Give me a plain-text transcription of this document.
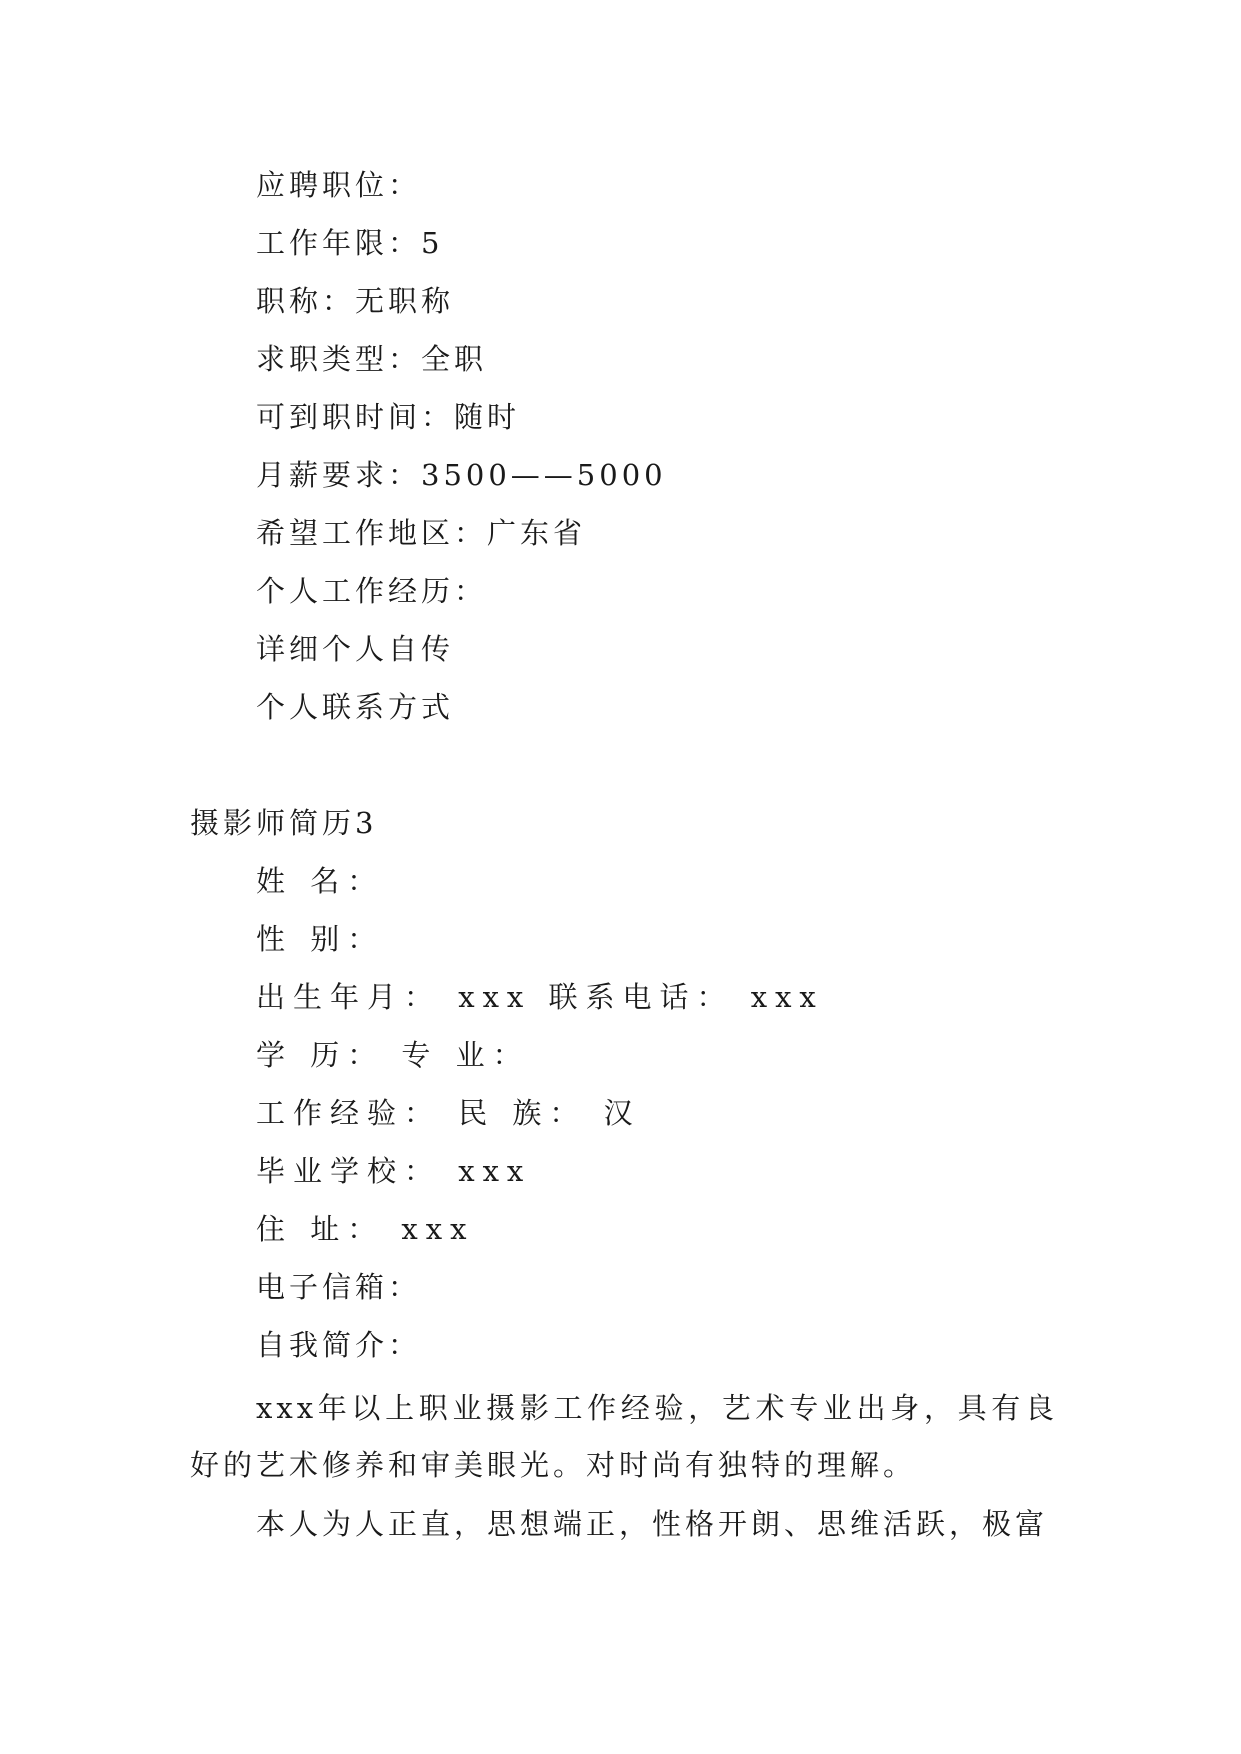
应聘职位：
工作年限：5
职称：无职称
求职类型：全职
可到职时间：随时
月薪要求：3500——5000
希望工作地区：广东省
个人工作经历：
详细个人自传
个人联系方式
摄影师简历3
姓 名：
性 别：
出生年月： xxx 联系电话： xxx
学 历： 专 业：
工作经验： 民 族： 汉
毕业学校： xxx
住 址： xxx
电子信箱：
自我简介：
xxx年以上职业摄影工作经验，艺术专业出身，具有良好的艺术修养和审美眼光。对时尚有独特的理解。
本人为人正直，思想端正，性格开朗、思维活跃，极富
